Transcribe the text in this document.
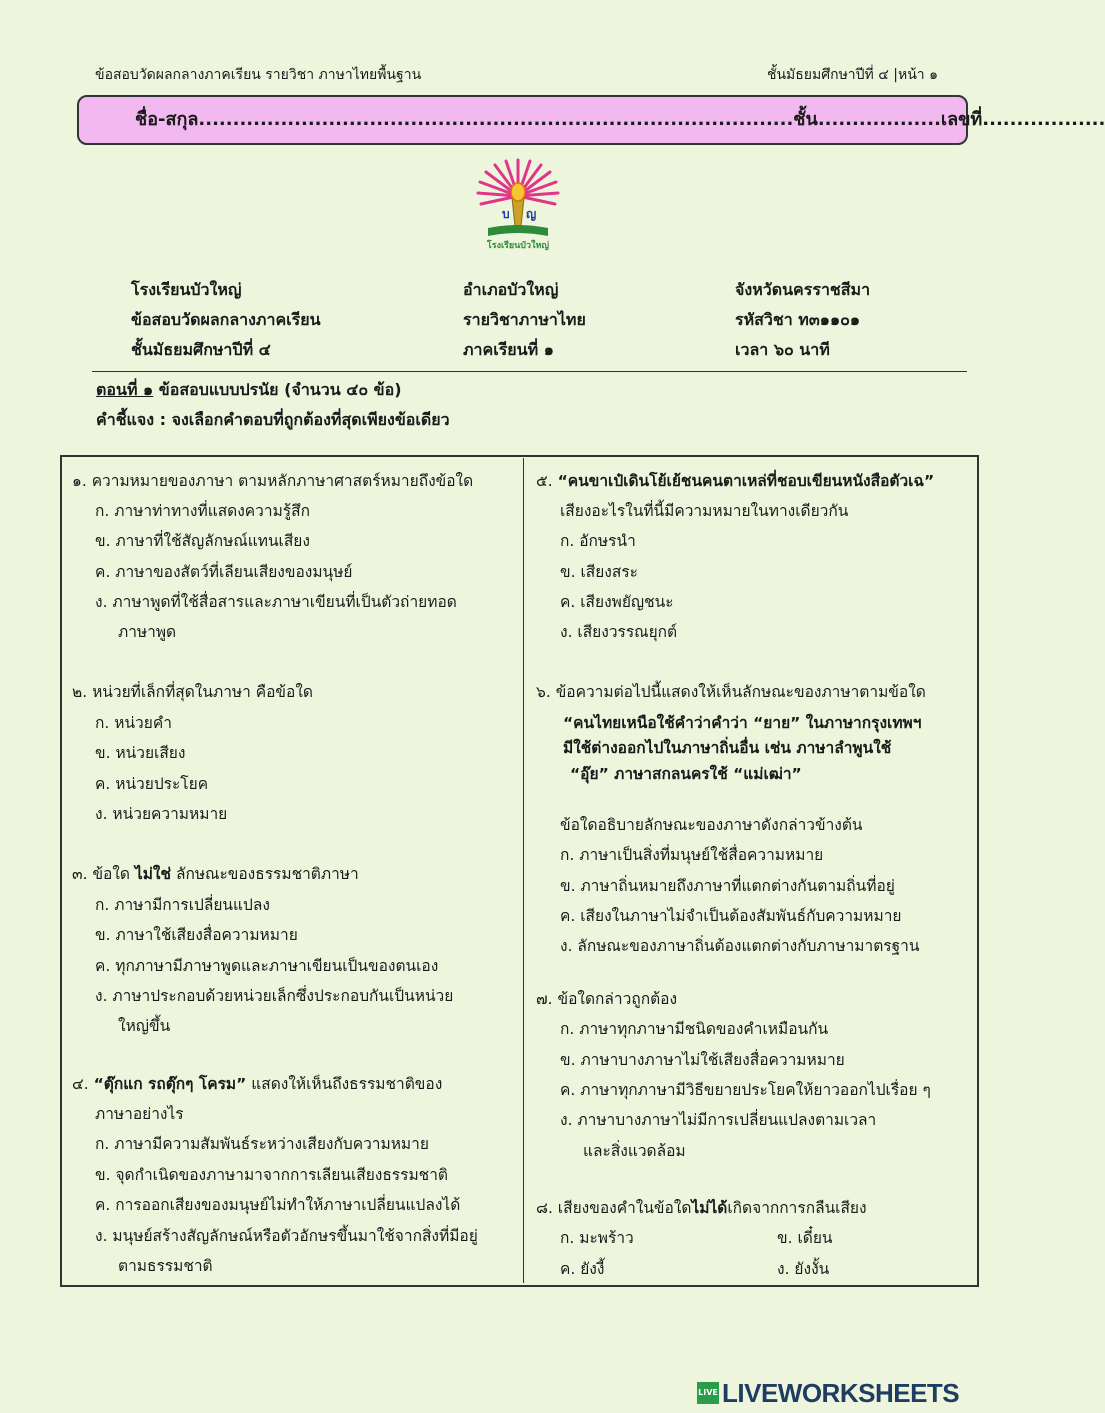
ข้อสอบวัดผลกลางภาคเรียน รายวิชา ภาษาไทยพื้นฐาน	ชั้นมัธยมศึกษาปีที่ ๔ |หน้า ๑
ชื่อ-สกุล.......................................................................................ชั้น..................เลขที่..................
บ ญ
โรงเรียนบัวใหญ่
โรงเรียนบัวใหญ่	อำเภอบัวใหญ่	จังหวัดนครราชสีมา
ข้อสอบวัดผลกลางภาคเรียน	รายวิชาภาษาไทย	รหัสวิชา ท๓๑๑๐๑
ชั้นมัธยมศึกษาปีที่ ๔	ภาคเรียนที่ ๑	เวลา ๖๐ นาที
ตอนที่ ๑ ข้อสอบแบบปรนัย (จำนวน ๔๐ ข้อ)
คำชี้แจง : จงเลือกคำตอบที่ถูกต้องที่สุดเพียงข้อเดียว
๑. ความหมายของภาษา ตามหลักภาษาศาสตร์หมายถึงข้อใด
ก. ภาษาท่าทางที่แสดงความรู้สึก
ข. ภาษาที่ใช้สัญลักษณ์แทนเสียง
ค. ภาษาของสัตว์ที่เลียนเสียงของมนุษย์
ง. ภาษาพูดที่ใช้สื่อสารและภาษาเขียนที่เป็นตัวถ่ายทอด
ภาษาพูด
๒. หน่วยที่เล็กที่สุดในภาษา คือข้อใด
ก. หน่วยคำ
ข. หน่วยเสียง
ค. หน่วยประโยค
ง. หน่วยความหมาย
๓. ข้อใด ไม่ใช่ ลักษณะของธรรมชาติภาษา
ก. ภาษามีการเปลี่ยนแปลง
ข. ภาษาใช้เสียงสื่อความหมาย
ค. ทุกภาษามีภาษาพูดและภาษาเขียนเป็นของตนเอง
ง. ภาษาประกอบด้วยหน่วยเล็กซึ่งประกอบกันเป็นหน่วย
ใหญ่ขึ้น
๔. “ตุ๊กแก รถตุ๊กๆ โครม” แสดงให้เห็นถึงธรรมชาติของ
ภาษาอย่างไร
ก. ภาษามีความสัมพันธ์ระหว่างเสียงกับความหมาย
ข. จุดกำเนิดของภาษามาจากการเลียนเสียงธรรมชาติ
ค. การออกเสียงของมนุษย์ไม่ทำให้ภาษาเปลี่ยนแปลงได้
ง. มนุษย์สร้างสัญลักษณ์หรือตัวอักษรขึ้นมาใช้จากสิ่งที่มีอยู่
ตามธรรมชาติ
๕. “คนขาเป๋เดินโย้เย้ชนคนตาเหล่ที่ชอบเขียนหนังสือตัวเฉ”
เสียงอะไรในที่นี้มีความหมายในทางเดียวกัน
ก. อักษรนำ
ข. เสียงสระ
ค. เสียงพยัญชนะ
ง. เสียงวรรณยุกต์
๖. ข้อความต่อไปนี้แสดงให้เห็นลักษณะของภาษาตามข้อใด
“คนไทยเหนือใช้คำว่าคำว่า “ยาย” ในภาษากรุงเทพฯ
มีใช้ต่างออกไปในภาษาถิ่นอื่น เช่น ภาษาลำพูนใช้
“อุ๊ย” ภาษาสกลนครใช้ “แม่เฒ่า”
ข้อใดอธิบายลักษณะของภาษาดังกล่าวข้างต้น
ก. ภาษาเป็นสิ่งที่มนุษย์ใช้สื่อความหมาย
ข. ภาษาถิ่นหมายถึงภาษาที่แตกต่างกันตามถิ่นที่อยู่
ค. เสียงในภาษาไม่จำเป็นต้องสัมพันธ์กับความหมาย
ง. ลักษณะของภาษาถิ่นต้องแตกต่างกับภาษามาตรฐาน
๗. ข้อใดกล่าวถูกต้อง
ก. ภาษาทุกภาษามีชนิดของคำเหมือนกัน
ข. ภาษาบางภาษาไม่ใช้เสียงสื่อความหมาย
ค. ภาษาทุกภาษามีวิธีขยายประโยคให้ยาวออกไปเรื่อย ๆ
ง. ภาษาบางภาษาไม่มีการเปลี่ยนแปลงตามเวลา
และสิ่งแวดล้อม
๘. เสียงของคำในข้อใดไม่ได้เกิดจากการกลืนเสียง
ก. มะพร้าว	ข. เดี๋ยน
ค. ยังงี้	ง. ยังงั้น
LIVE LIVEWORKSHEETS
